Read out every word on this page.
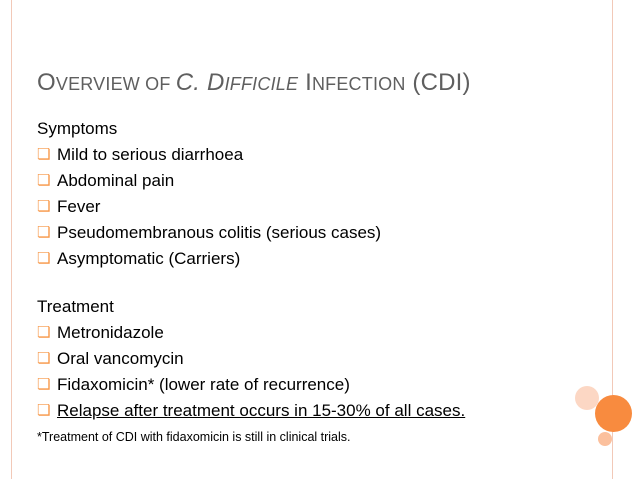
OVERVIEW OF C. DIFFICILE INFECTION (CDI)
Symptoms
❏ Mild to serious diarrhoea
❏ Abdominal pain
❏ Fever
❏ Pseudomembranous colitis (serious cases)
❏ Asymptomatic (Carriers)
Treatment
❏ Metronidazole
❏ Oral vancomycin
❏ Fidaxomicin* (lower rate of recurrence)
❏ Relapse after treatment occurs in 15-30% of all cases.
*Treatment of CDI with fidaxomicin is still in clinical trials.
